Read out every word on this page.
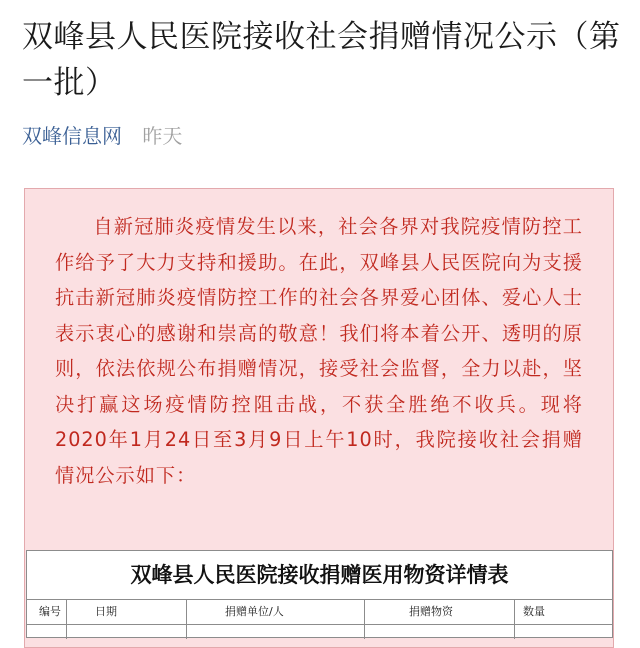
双峰县人民医院接收社会捐赠情况公示（第一批）
双峰信息网 昨天

自新冠肺炎疫情发生以来，社会各界对我院疫情防控工作给予了大力支持和援助。在此，双峰县人民医院向为支援抗击新冠肺炎疫情防控工作的社会各界爱心团体、爱心人士表示衷心的感谢和崇高的敬意！我们将本着公开、透明的原则，依法依规公布捐赠情况，接受社会监督，全力以赴，坚决打赢这场疫情防控阻击战，不获全胜绝不收兵。现将2020年1月24日至3月9日上午10时，我院接收社会捐赠情况公示如下：

双峰县人民医院接收捐赠医用物资详情表
编号	日期	捐赠单位/人	捐赠物资	数量
